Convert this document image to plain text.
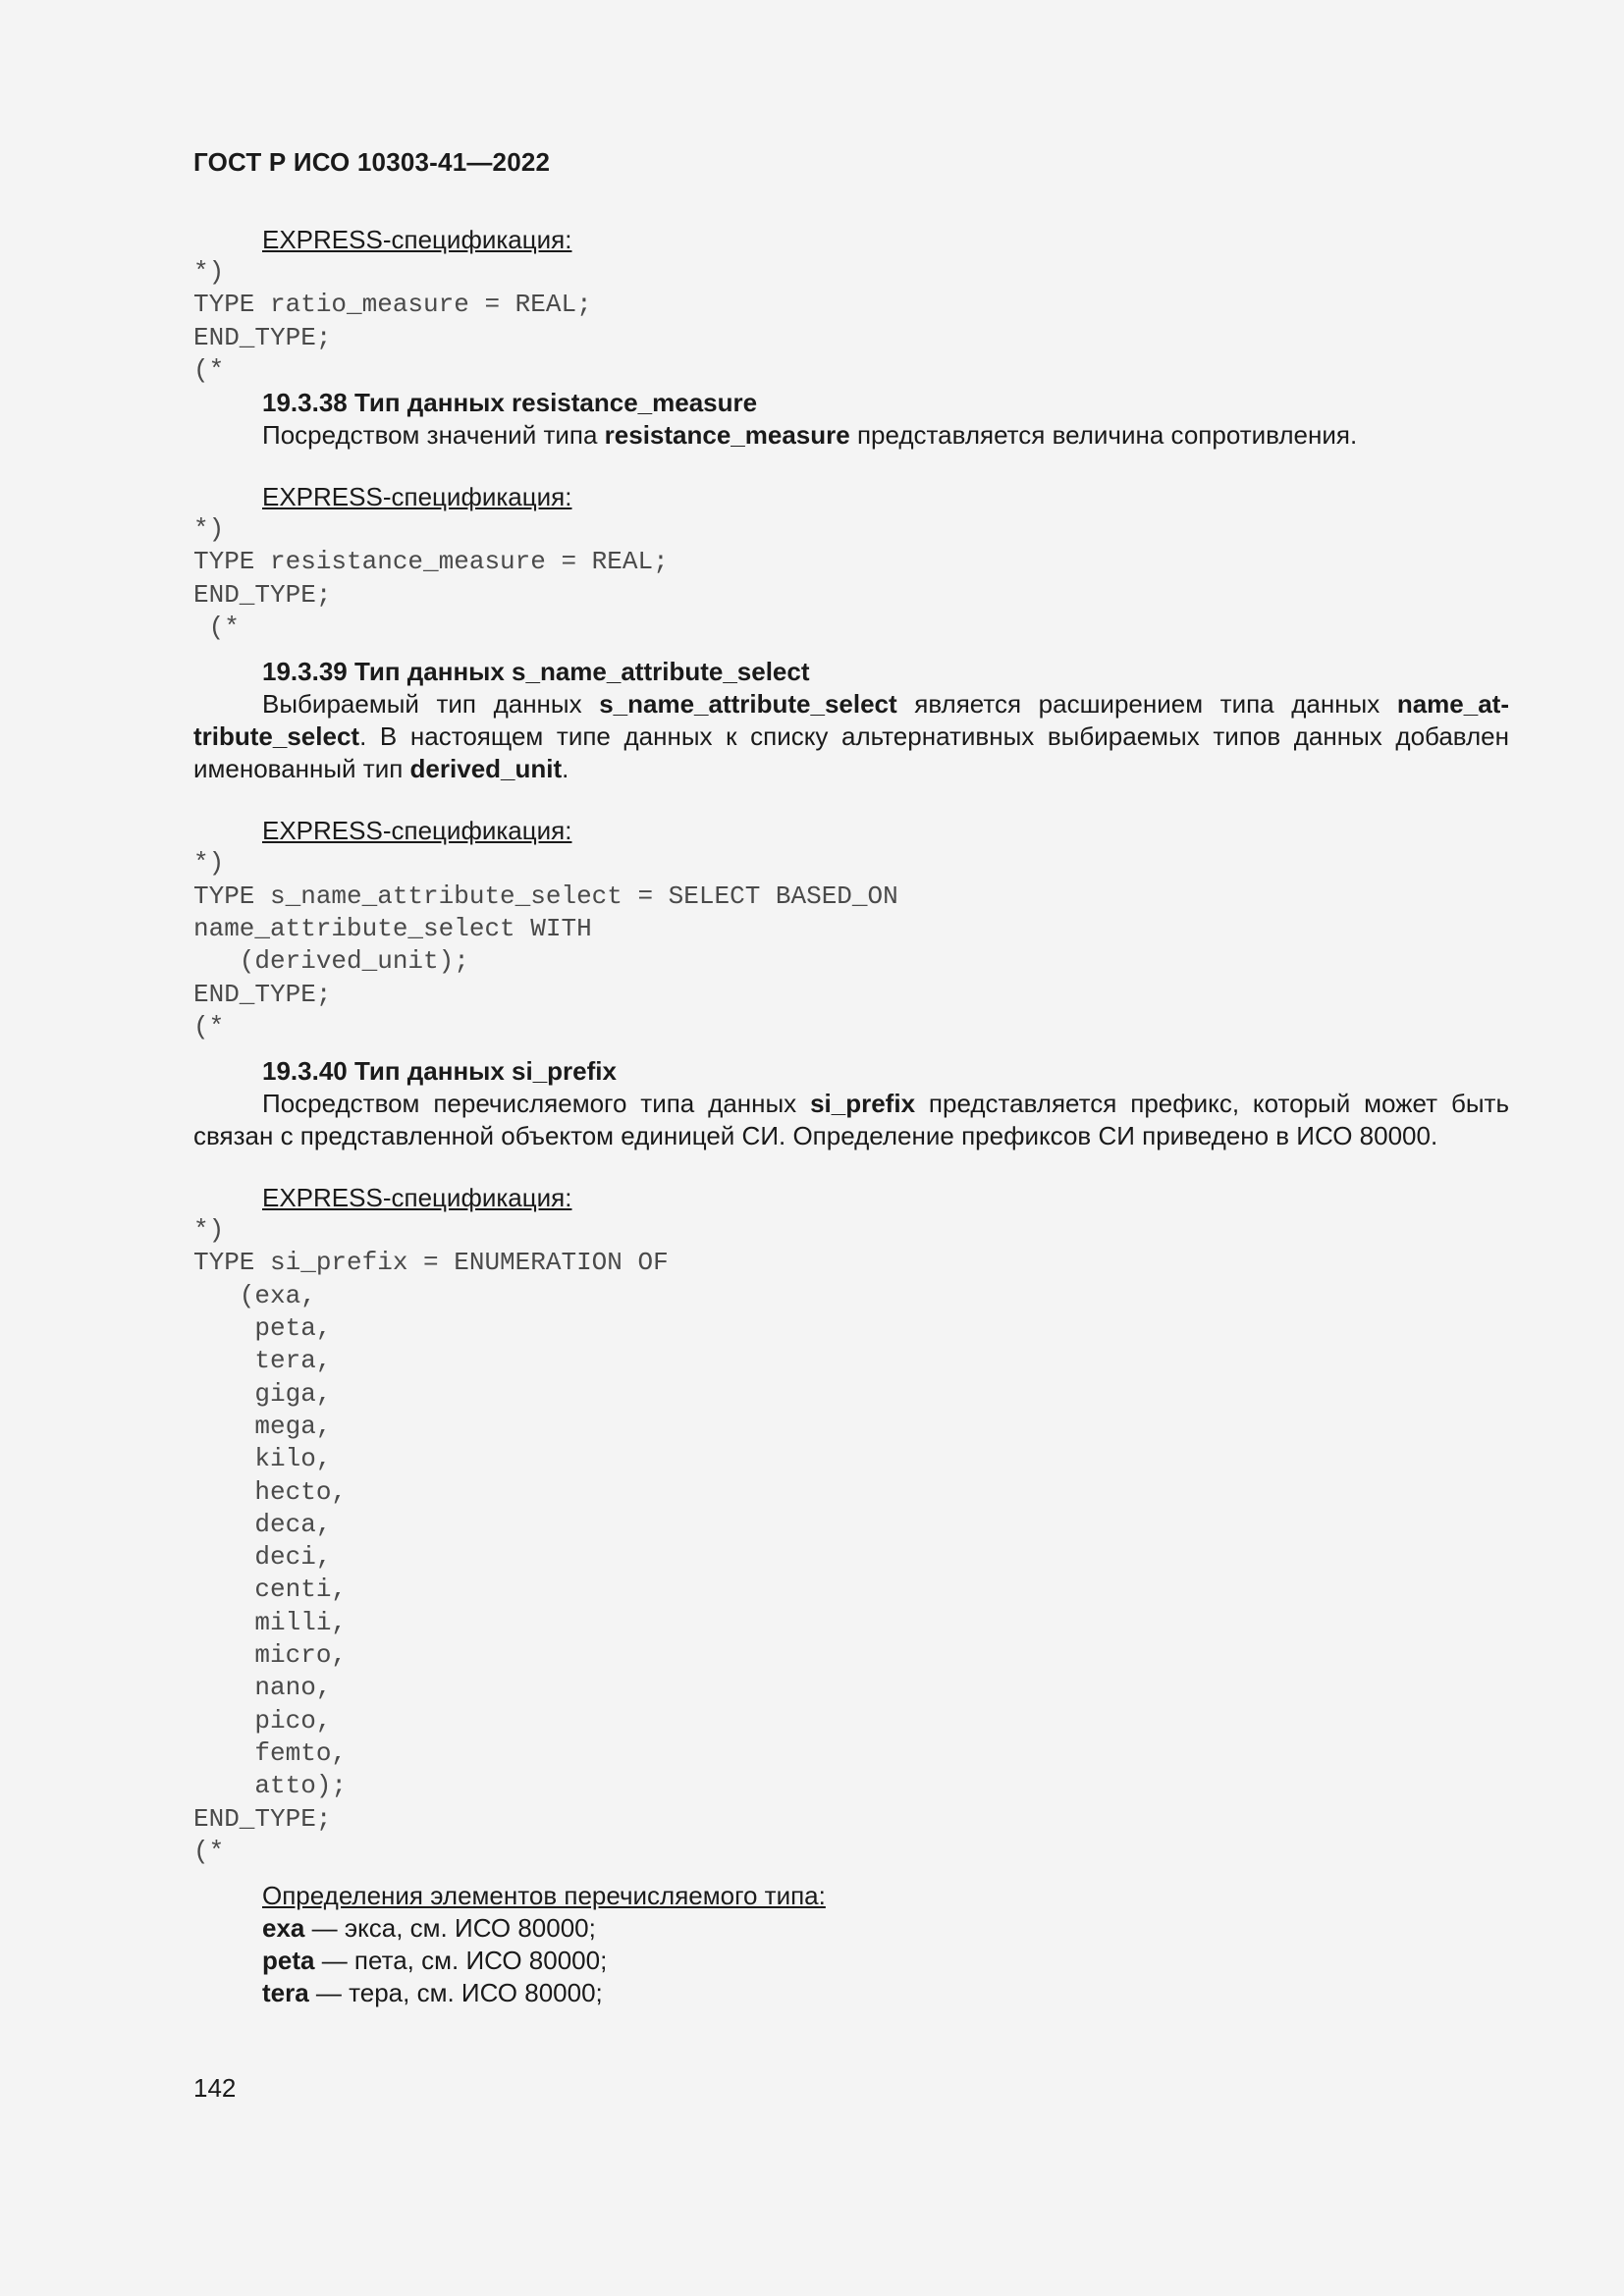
ГОСТ Р ИСО 10303-41—2022

EXPRESS-спецификация:

*)
TYPE ratio_measure = REAL;
END_TYPE;
(*

19.3.38 Тип данных resistance_measure

Посредством значений типа resistance_measure представляется величина сопротивления.

EXPRESS-спецификация:

*)
TYPE resistance_measure = REAL;
END_TYPE;
(*

19.3.39 Тип данных s_name_attribute_select

Выбираемый тип данных s_name_attribute_select является расширением типа данных name_attribute_select. В настоящем типе данных к списку альтернативных выбираемых типов данных добавлен именованный тип derived_unit.

EXPRESS-спецификация:

*)
TYPE s_name_attribute_select = SELECT BASED_ON
name_attribute_select WITH
(derived_unit);
END_TYPE;
(*

19.3.40 Тип данных si_prefix

Посредством перечисляемого типа данных si_prefix представляется префикс, который может быть связан с представленной объектом единицей СИ. Определение префиксов СИ приведено в ИСО 80000.

EXPRESS-спецификация:

*)
TYPE si_prefix = ENUMERATION OF
(exa,
peta,
tera,
giga,
mega,
kilo,
hecto,
deca,
deci,
centi,
milli,
micro,
nano,
pico,
femto,
atto);
END_TYPE;
(*

Определения элементов перечисляемого типа:

exa — экса, см. ИСО 80000;

peta — пета, см. ИСО 80000;

tera — тера, см. ИСО 80000;

142
